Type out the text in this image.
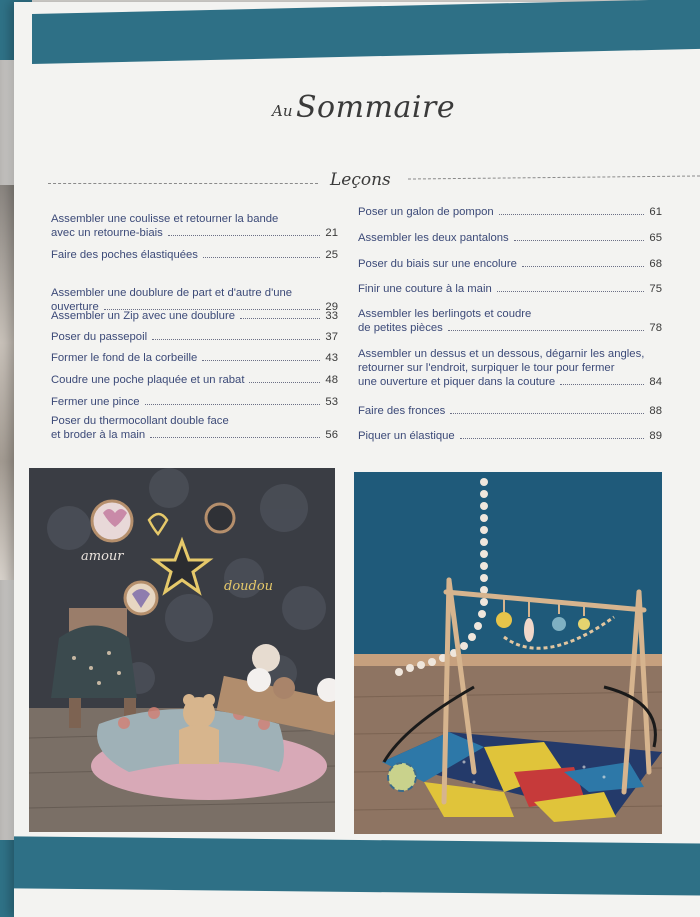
Au Sommaire
Leçons
Assembler une coulisse et retourner la bande
avec un retourne-biais	21
Faire des poches élastiquées	25
Assembler une doublure de part et d'autre d'une
ouverture	29
Assembler un Zip avec une doublure	33
Poser du passepoil	37
Former le fond de la corbeille	43
Coudre une poche plaquée et un rabat	48
Fermer une pince	53
Poser du thermocollant double face
et broder à la main	56
Poser un galon de pompon	61
Assembler les deux pantalons	65
Poser du biais sur une encolure	68
Finir une couture à la main	75
Assembler les berlingots et coudre
de petites pièces	78
Assembler un dessus et un dessous, dégarnir les angles,
retourner sur l'endroit, surpiquer le tour pour fermer
une ouverture et piquer dans la couture	84
Faire des fronces	88
Piquer un élastique	89
amour
doudou
